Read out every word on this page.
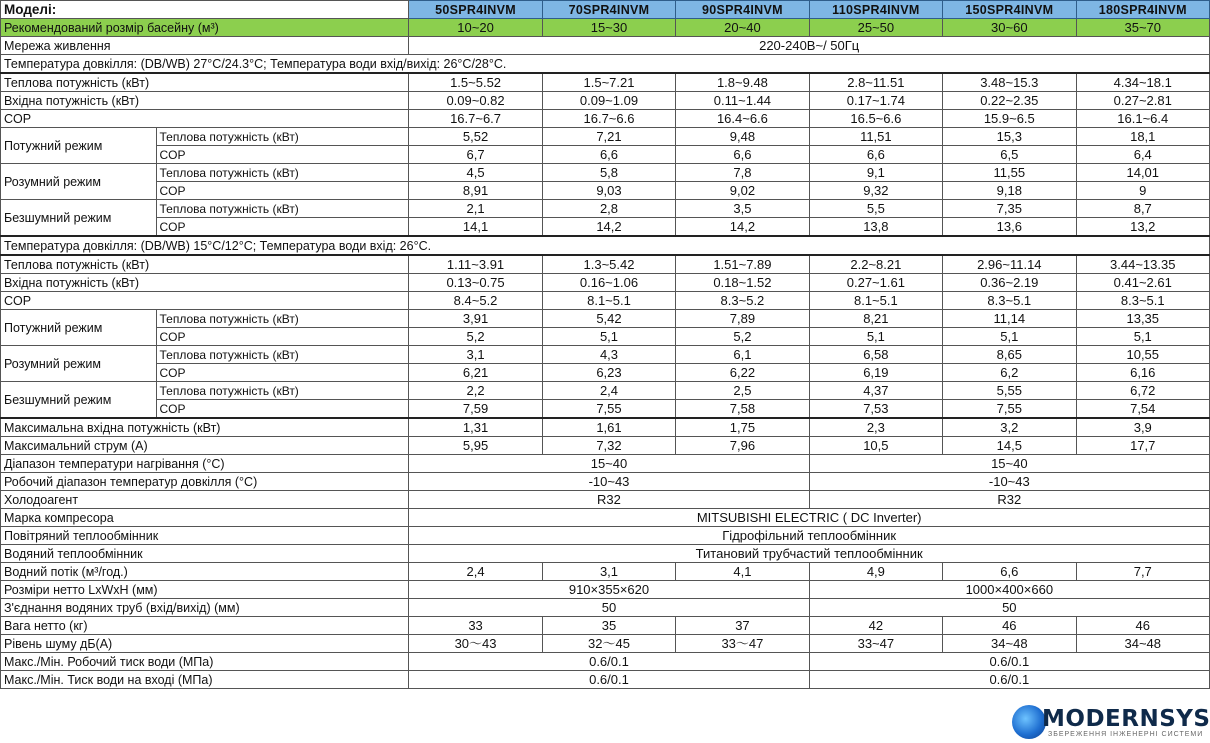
Моделі:		50SPR4INVM	70SPR4INVM	90SPR4INVM	110SPR4INVM	150SPR4INVM	180SPR4INVM
Рекомендований розмір басейну (м³)		10~20	15~30	20~40	25~50	30~60	35~70
Мережа живлення		220-240В~/ 50Гц					
Температура довкілля: (DB/WB) 27°C/24.3°C; Температура води вхід/вихід: 26°C/28°C.							
Теплова потужність (кВт)		1.5~5.52	1.5~7.21	1.8~9.48	2.8~11.51	3.48~15.3	4.34~18.1
Вхідна потужність (кВт)		0.09~0.82	0.09~1.09	0.11~1.44	0.17~1.74	0.22~2.35	0.27~2.81
COP		16.7~6.7	16.7~6.6	16.4~6.6	16.5~6.6	15.9~6.5	16.1~6.4
Потужний режим	Теплова потужність (кВт)	5,52	7,21	9,48	11,51	15,3	18,1
	COP	6,7	6,6	6,6	6,6	6,5	6,4
Розумний режим	Теплова потужність (кВт)	4,5	5,8	7,8	9,1	11,55	14,01
	COP	8,91	9,03	9,02	9,32	9,18	9
Безшумний режим	Теплова потужність (кВт)	2,1	2,8	3,5	5,5	7,35	8,7
	COP	14,1	14,2	14,2	13,8	13,6	13,2
Температура довкілля: (DB/WB) 15°C/12°C; Температура води вхід: 26°C.							
Теплова потужність (кВт)		1.11~3.91	1.3~5.42	1.51~7.89	2.2~8.21	2.96~11.14	3.44~13.35
Вхідна потужність (кВт)		0.13~0.75	0.16~1.06	0.18~1.52	0.27~1.61	0.36~2.19	0.41~2.61
COP		8.4~5.2	8.1~5.1	8.3~5.2	8.1~5.1	8.3~5.1	8.3~5.1
Потужний режим	Теплова потужність (кВт)	3,91	5,42	7,89	8,21	11,14	13,35
	COP	5,2	5,1	5,2	5,1	5,1	5,1
Розумний режим	Теплова потужність (кВт)	3,1	4,3	6,1	6,58	8,65	10,55
	COP	6,21	6,23	6,22	6,19	6,2	6,16
Безшумний режим	Теплова потужність (кВт)	2,2	2,4	2,5	4,37	5,55	6,72
	COP	7,59	7,55	7,58	7,53	7,55	7,54
Максимальна вхідна потужність (кВт)		1,31	1,61	1,75	2,3	3,2	3,9
Максимальний струм (А)		5,95	7,32	7,96	10,5	14,5	17,7
Діапазон температури нагрівання (°C)		15~40			15~40		
Робочий діапазон температур довкілля (°C)		-10~43			-10~43		
Холодоагент		R32			R32		
Марка компресора		MITSUBISHI ELECTRIC ( DC Inverter)					
Повітряний теплообмінник		Гідрофільний теплообмінник					
Водяний теплообмінник		Титановий трубчастий теплообмінник					
Водний потік (м³/год.)		2,4	3,1	4,1	4,9	6,6	7,7
Розміри нетто LxWxH (мм)		910×355×620			1000×400×660		
З'єднання водяних труб (вхід/вихід) (мм)		50			50		
Вага нетто (кг)		33	35	37	42	46	46
Рівень шуму дБ(А)		30～43	32～45	33～47	33~47	34~48	34~48
Макс./Мін. Робочий тиск води (МПа)		0.6/0.1			0.6/0.1		
Макс./Мін. Тиск води на вході (МПа)		0.6/0.1			0.6/0.1		
MODERNSYS
ЗБЕРЕЖЕННЯ ІНЖЕНЕРНІ СИСТЕМИ
